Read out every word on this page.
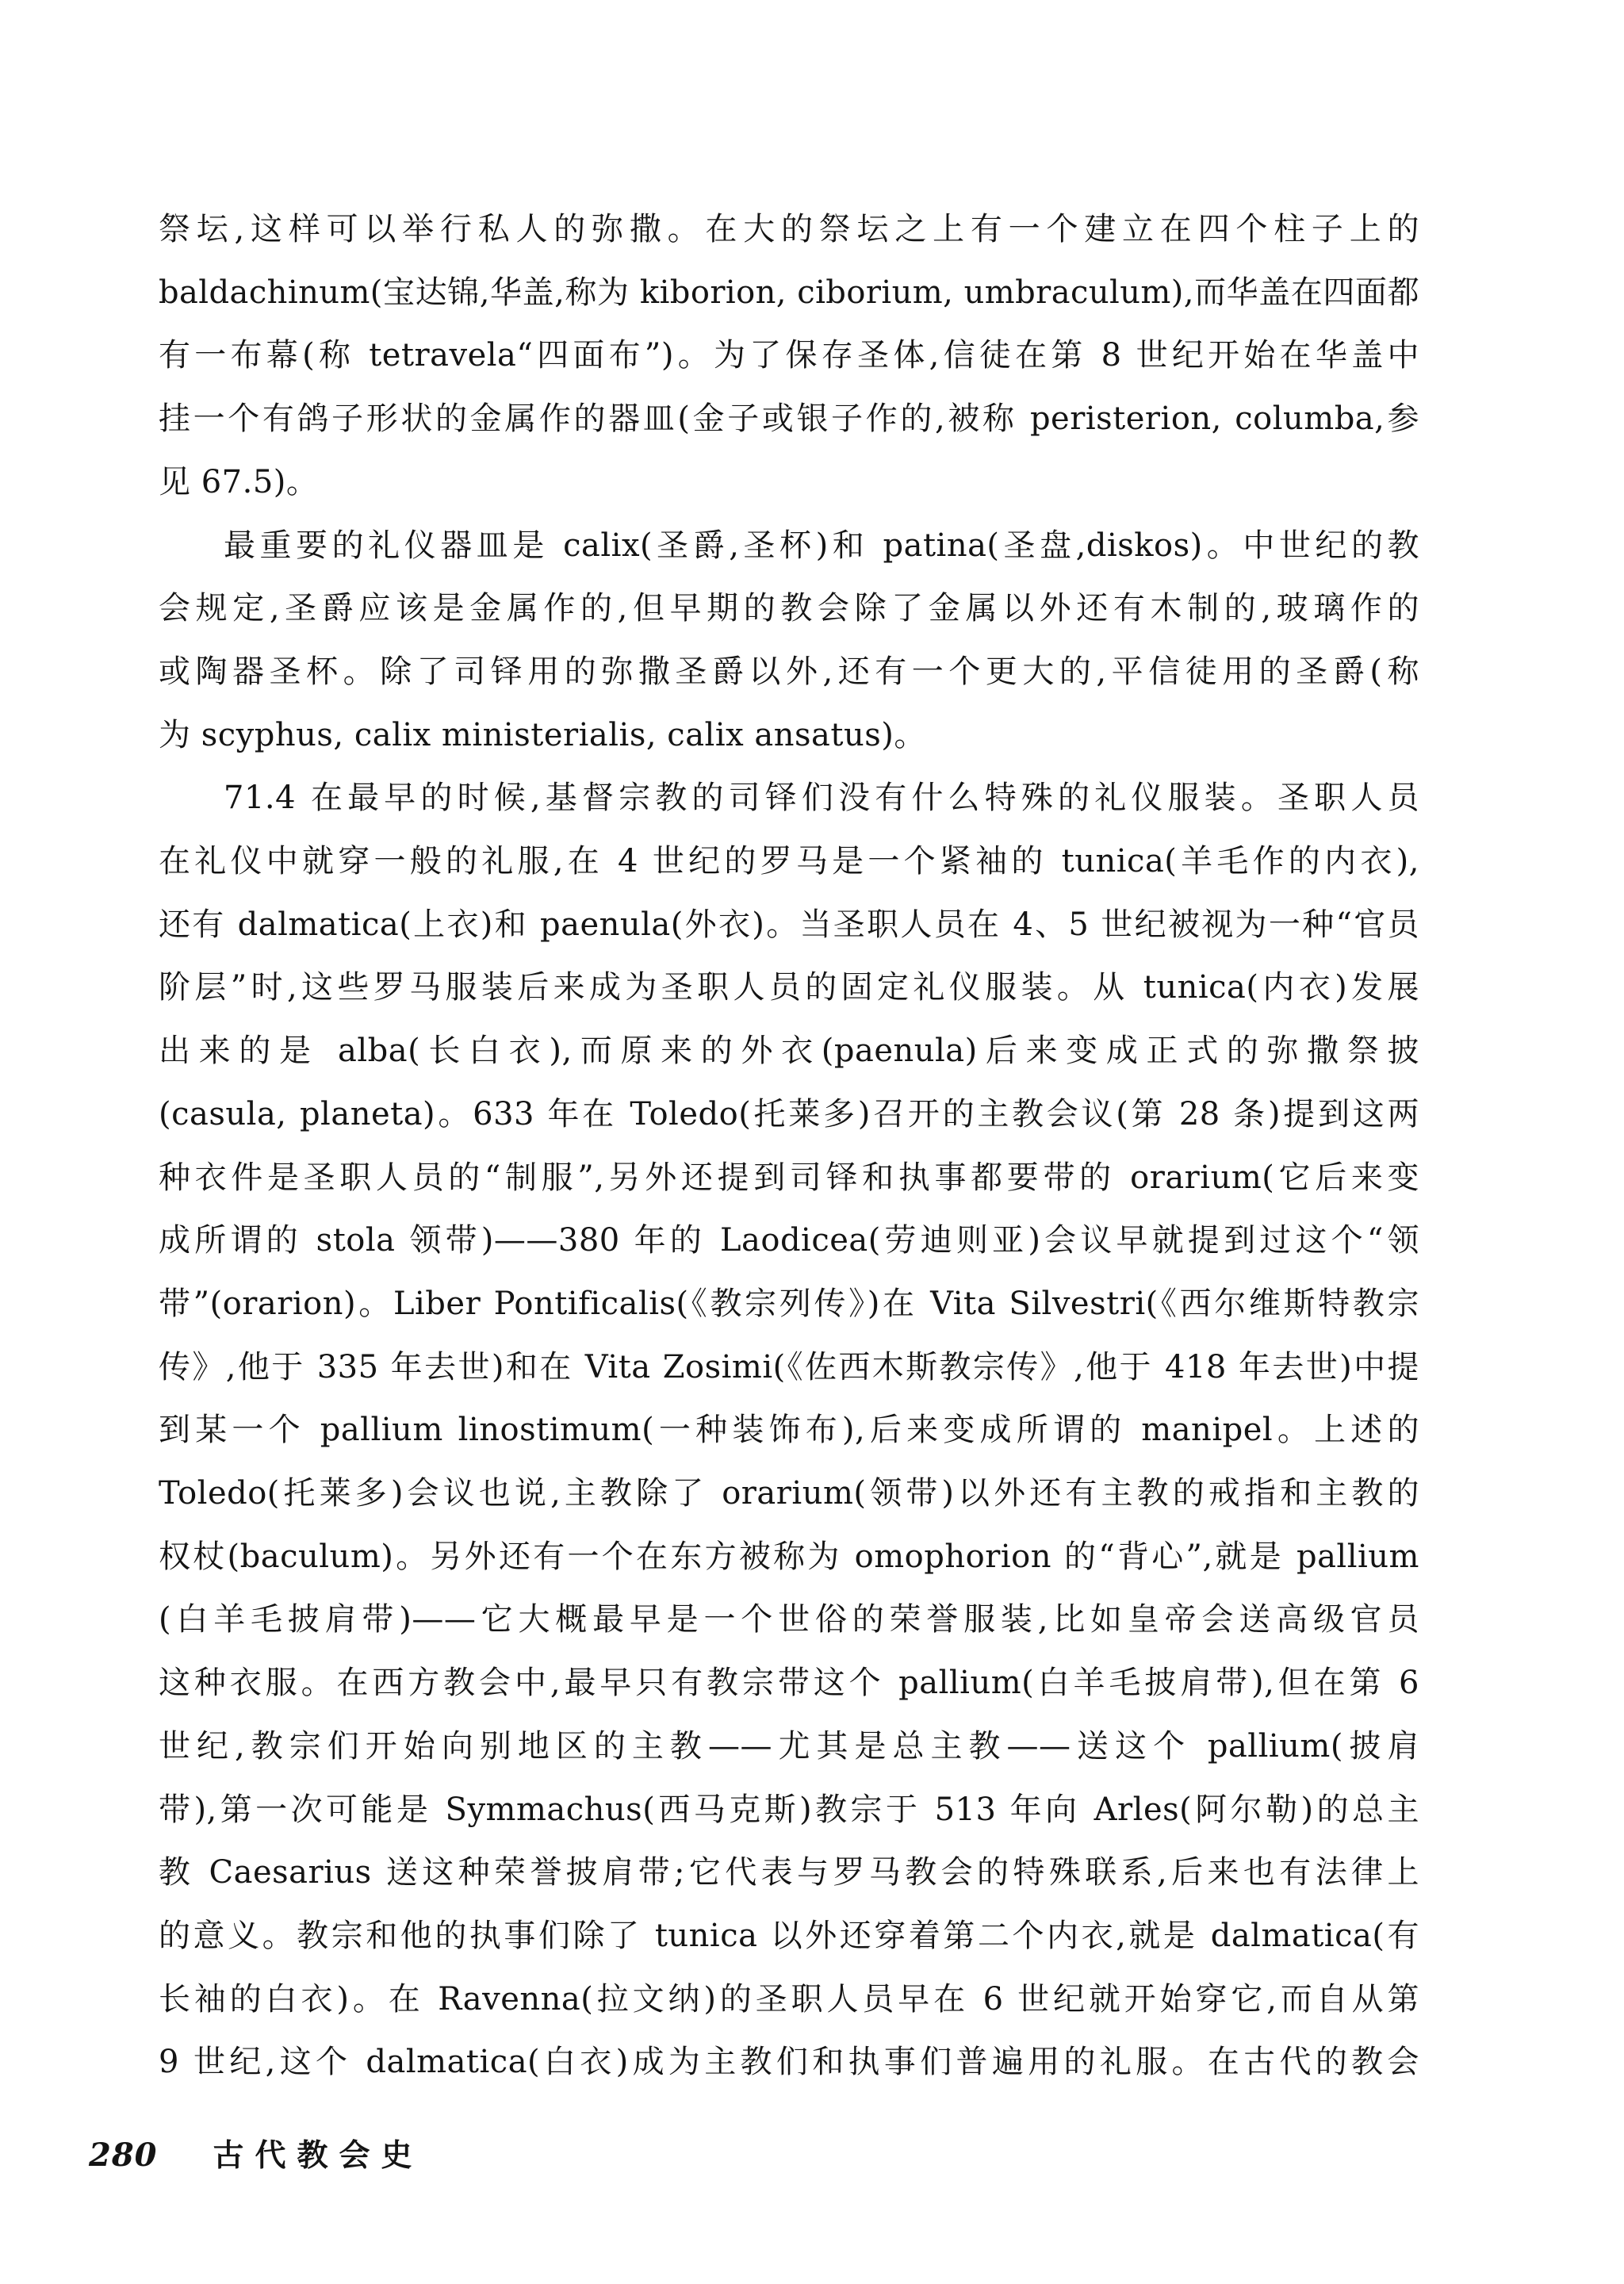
祭坛,这样可以举行私人的弥撒。在大的祭坛之上有一个建立在四个柱子上的
baldachinum(宝达锦,华盖,称为 kiborion, ciborium, umbraculum),而华盖在四面都
有一布幕(称 tetravela“四面布”)。为了保存圣体,信徒在第 8 世纪开始在华盖中
挂一个有鸽子形状的金属作的器皿(金子或银子作的,被称 peristerion, columba,参
见 67.5)。

最重要的礼仪器皿是 calix(圣爵,圣杯)和 patina(圣盘,diskos)。中世纪的教
会规定,圣爵应该是金属作的,但早期的教会除了金属以外还有木制的,玻璃作的
或陶器圣杯。除了司铎用的弥撒圣爵以外,还有一个更大的,平信徒用的圣爵(称
为 scyphus, calix ministerialis, calix ansatus)。

71.4 在最早的时候,基督宗教的司铎们没有什么特殊的礼仪服装。圣职人员
在礼仪中就穿一般的礼服,在 4 世纪的罗马是一个紧袖的 tunica(羊毛作的内衣),
还有 dalmatica(上衣)和 paenula(外衣)。当圣职人员在 4、5 世纪被视为一种“官员
阶层”时,这些罗马服装后来成为圣职人员的固定礼仪服装。从 tunica(内衣)发展
出来的是 alba(长白衣),而原来的外衣(paenula)后来变成正式的弥撒祭披
(casula, planeta)。633 年在 Toledo(托莱多)召开的主教会议(第 28 条)提到这两
种衣件是圣职人员的“制服”,另外还提到司铎和执事都要带的 orarium(它后来变
成所谓的 stola 领带)——380 年的 Laodicea(劳迪则亚)会议早就提到过这个“领
带”(orarion)。Liber Pontificalis(《教宗列传》)在 Vita Silvestri(《西尔维斯特教宗
传》,他于 335 年去世)和在 Vita Zosimi(《佐西木斯教宗传》,他于 418 年去世)中提
到某一个 pallium linostimum(一种装饰布),后来变成所谓的 manipel。上述的
Toledo(托莱多)会议也说,主教除了 orarium(领带)以外还有主教的戒指和主教的
权杖(baculum)。另外还有一个在东方被称为 omophorion 的“背心”,就是 pallium
(白羊毛披肩带)——它大概最早是一个世俗的荣誉服装,比如皇帝会送高级官员
这种衣服。在西方教会中,最早只有教宗带这个 pallium(白羊毛披肩带),但在第 6
世纪,教宗们开始向别地区的主教——尤其是总主教——送这个 pallium(披肩
带),第一次可能是 Symmachus(西马克斯)教宗于 513 年向 Arles(阿尔勒)的总主
教 Caesarius 送这种荣誉披肩带;它代表与罗马教会的特殊联系,后来也有法律上
的意义。教宗和他的执事们除了 tunica 以外还穿着第二个内衣,就是 dalmatica(有
长袖的白衣)。在 Ravenna(拉文纳)的圣职人员早在 6 世纪就开始穿它,而自从第
9 世纪,这个 dalmatica(白衣)成为主教们和执事们普遍用的礼服。在古代的教会

280 古代教会史
